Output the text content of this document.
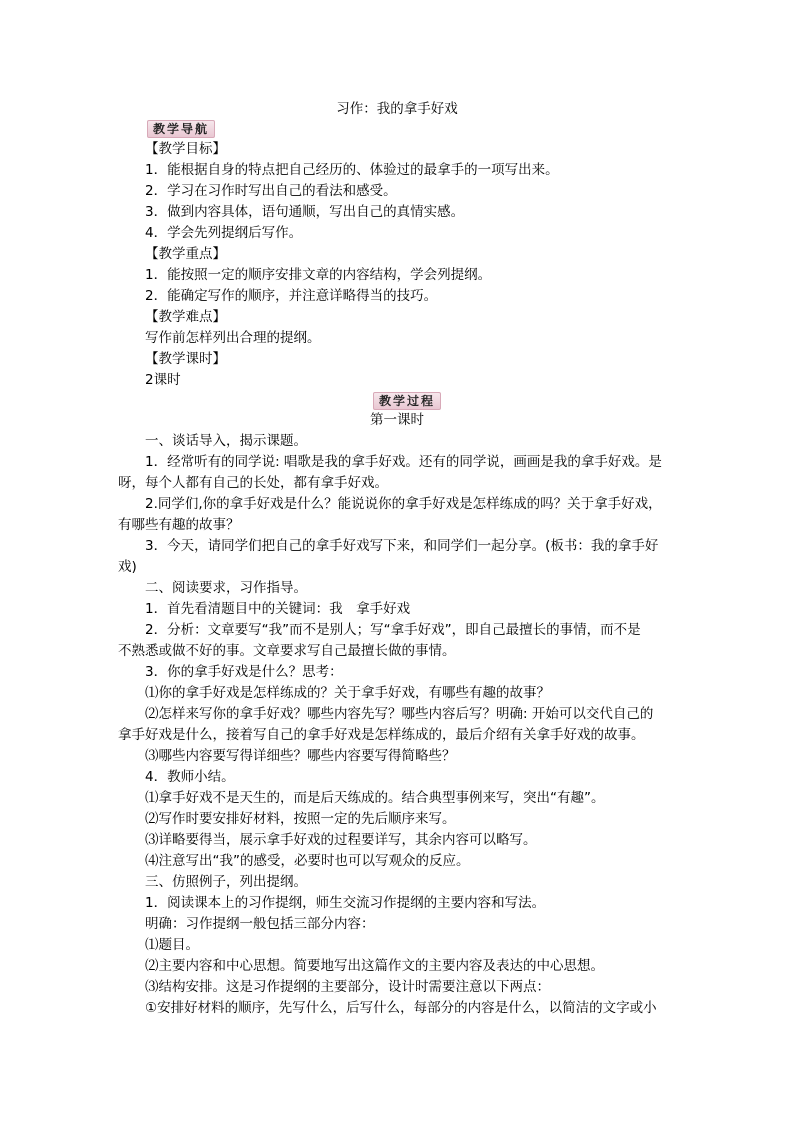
习作：我的拿手好戏
教学导航
【教学目标】
1．能根据自身的特点把自己经历的、体验过的最拿手的一项写出来。
2．学习在习作时写出自己的看法和感受。
3．做到内容具体，语句通顺，写出自己的真情实感。
4．学会先列提纲后写作。
【教学重点】
1．能按照一定的顺序安排文章的内容结构，学会列提纲。
2．能确定写作的顺序，并注意详略得当的技巧。
【教学难点】
写作前怎样列出合理的提纲。
【教学课时】
2课时
教学过程
第一课时
一、谈话导入，揭示课题。
1．经常听有的同学说: 唱歌是我的拿手好戏。还有的同学说，画画是我的拿手好戏。是
呀，每个人都有自己的长处，都有拿手好戏。
2.同学们,你的拿手好戏是什么？能说说你的拿手好戏是怎样练成的吗？关于拿手好戏，
有哪些有趣的故事？
3．今天，请同学们把自己的拿手好戏写下来，和同学们一起分享。(板书：我的拿手好
戏)
二、阅读要求，习作指导。
1．首先看清题目中的关键词：我　拿手好戏
2．分析：文章要写“我”而不是别人；写“拿手好戏”，即自己最擅长的事情，而不是
不熟悉或做不好的事。文章要求写自己最擅长做的事情。
3．你的拿手好戏是什么？思考：
⑴你的拿手好戏是怎样练成的？关于拿手好戏，有哪些有趣的故事？
⑵怎样来写你的拿手好戏？哪些内容先写？哪些内容后写？明确: 开始可以交代自己的
拿手好戏是什么，接着写自己的拿手好戏是怎样练成的，最后介绍有关拿手好戏的故事。
⑶哪些内容要写得详细些？哪些内容要写得简略些？
4．教师小结。
⑴拿手好戏不是天生的，而是后天练成的。结合典型事例来写，突出“有趣”。
⑵写作时要安排好材料，按照一定的先后顺序来写。
⑶详略要得当，展示拿手好戏的过程要详写，其余内容可以略写。
⑷注意写出“我”的感受，必要时也可以写观众的反应。
三、仿照例子，列出提纲。
1．阅读课本上的习作提纲，师生交流习作提纲的主要内容和写法。
明确：习作提纲一般包括三部分内容：
⑴题目。
⑵主要内容和中心思想。简要地写出这篇作文的主要内容及表达的中心思想。
⑶结构安排。这是习作提纲的主要部分，设计时需要注意以下两点：
①安排好材料的顺序，先写什么，后写什么，每部分的内容是什么，以简洁的文字或小
